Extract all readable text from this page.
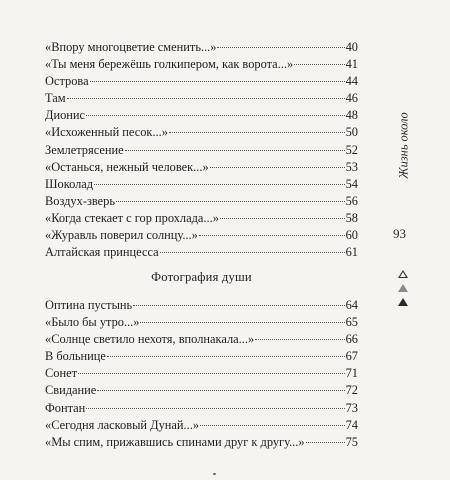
«Впору многоцветие сменить...»	40
«Ты меня бережёшь голкипером, как ворота...»	41
Острова	44
Там	46
Дионис	48
«Исхоженный песок...»	50
Землетрясение	52
«Останься, нежный человек...»	53
Шоколад	54
Воздух-зверь	56
«Когда стекает с гор прохлада...»	58
«Журавль поверил солнцу...»	60
Алтайская принцесса	61
Фотография души
Оптина пустынь	64
«Было бы утро...»	65
«Солнце светило нехотя, вполнакала...»	66
В больнице	67
Сонет	71
Свидание	72
Фонтан	73
«Сегодня ласковый Дунай...»	74
«Мы спим, прижавшись спинами друг к другу...»	75
Жизнь около
93
